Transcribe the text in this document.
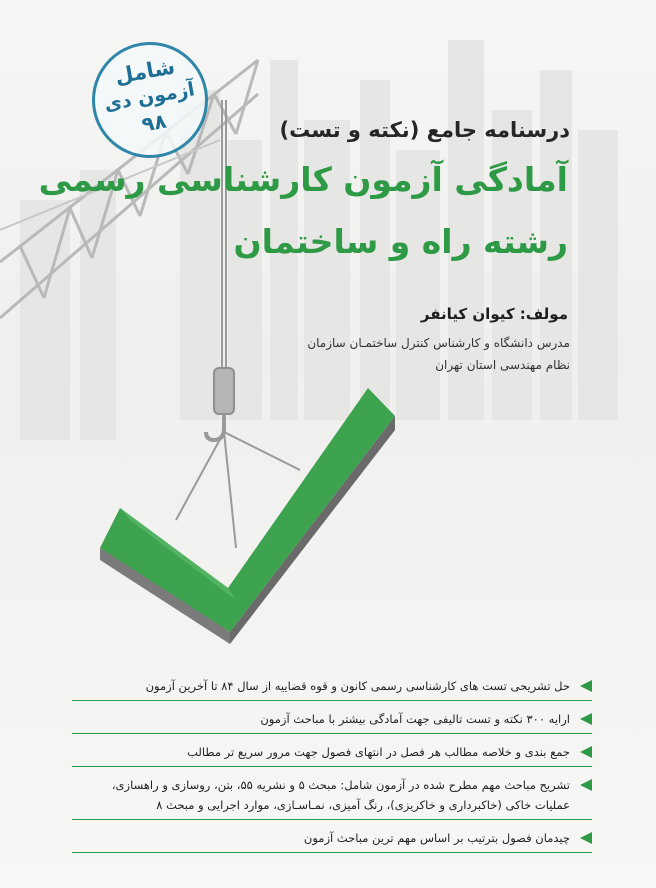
شامل
آزمون دی
۹۸	درسنامه جامع (نکته و تست)
آمادگی آزمون کارشناسی رسمی
رشته راه و ساختمان
مولف: کیوان کیانفر
مدرس دانشگاه و کارشناس کنترل ساختمـان سازمان
نظام مهندسی استان تهران
حل تشریحی تست های کارشناسی رسمی کانون و قوه قضاییه از سال ۸۴ تا آخرین آزمون
ارایه ۳۰۰ نکته و تست تالیفی جهت آمادگی بیشتر با مباحث آزمون
جمع بندی و خلاصه مطالب هر فصل در انتهای فصول جهت مرور سریع تر مطالب
تشریح مباحث مهم مطرح شده در آزمون شامل: مبحث ۵ و نشریه ۵۵، بتن، روسازی و راهسازی،
عملیات خاکی (خاکبرداری و خاکریزی)، رنگ آمیزی، نمـاسـازی، موارد اجرایی و مبحث ۸
چیدمان فصول بترتیب بر اساس مهم ترین مباحث آزمون
